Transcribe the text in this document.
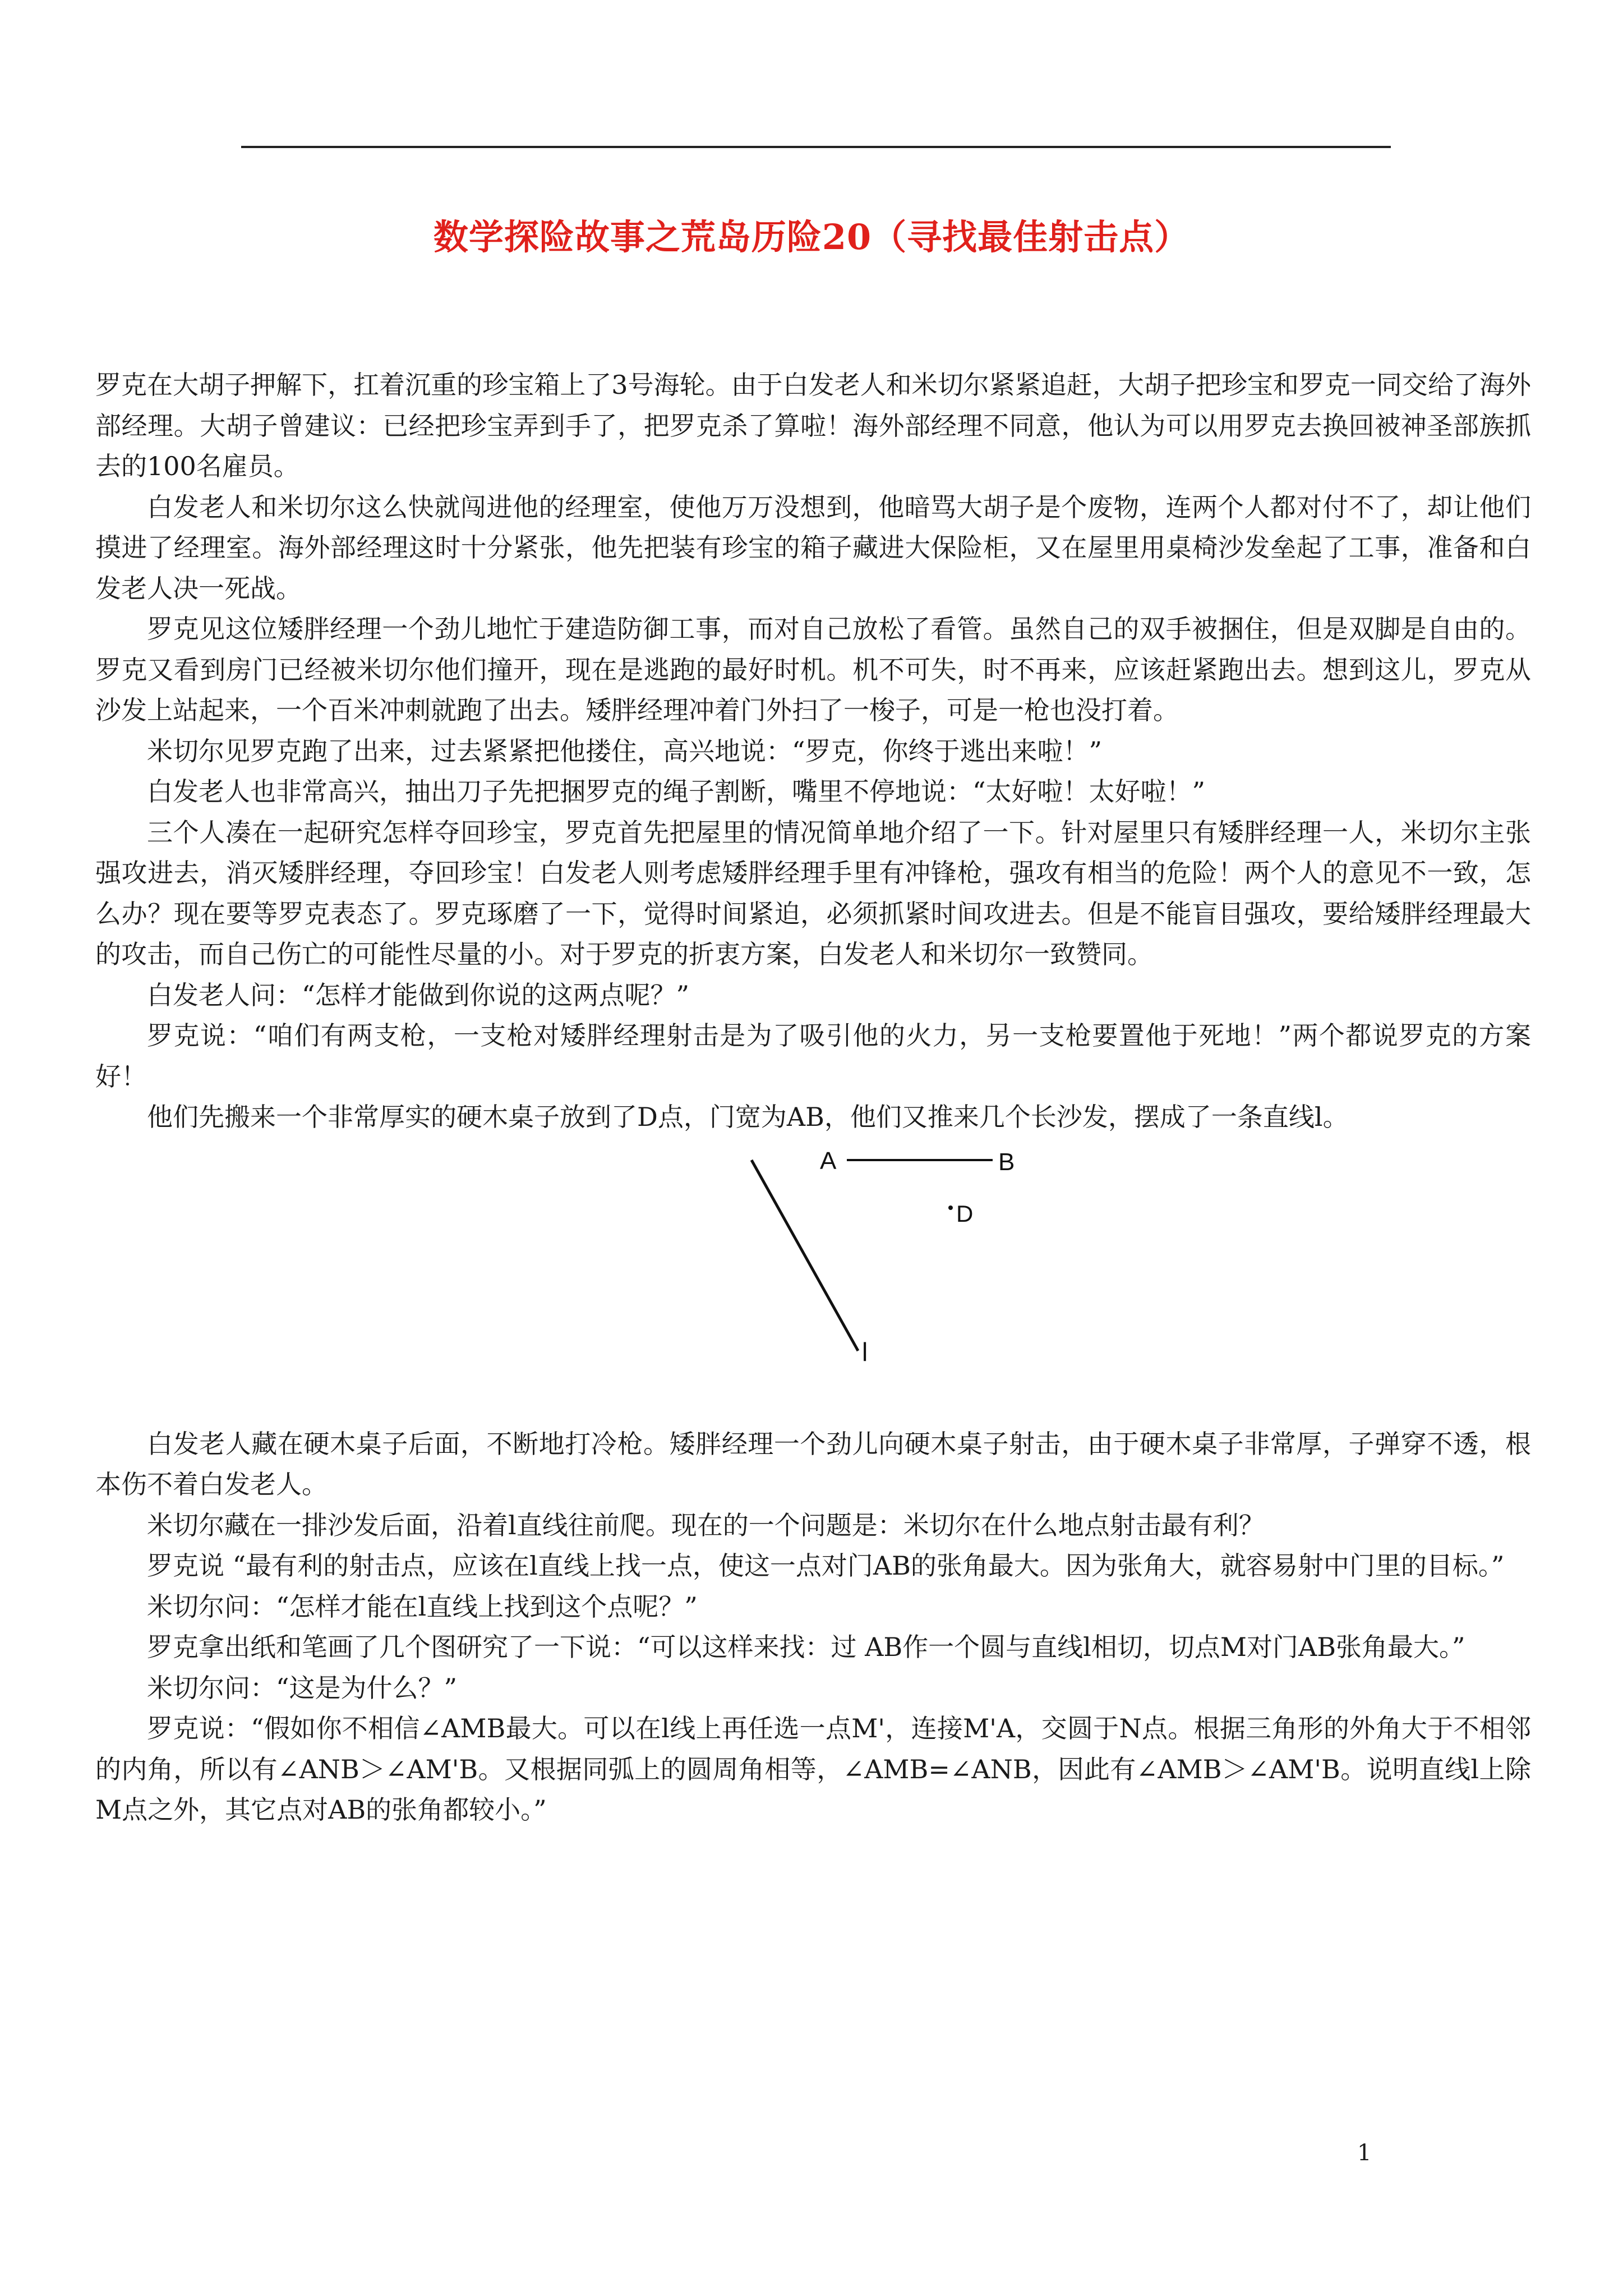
数学探险故事之荒岛历险20（寻找最佳射击点）

罗克在大胡子押解下，扛着沉重的珍宝箱上了3号海轮。由于白发老人和米切尔紧紧追赶，大胡子把珍宝和罗克一同交给了海外部经理。大胡子曾建议：已经把珍宝弄到手了，把罗克杀了算啦！海外部经理不同意，他认为可以用罗克去换回被神圣部族抓去的100名雇员。

白发老人和米切尔这么快就闯进他的经理室，使他万万没想到，他暗骂大胡子是个废物，连两个人都对付不了，却让他们摸进了经理室。海外部经理这时十分紧张，他先把装有珍宝的箱子藏进大保险柜，又在屋里用桌椅沙发垒起了工事，准备和白发老人决一死战。

罗克见这位矮胖经理一个劲儿地忙于建造防御工事，而对自己放松了看管。虽然自己的双手被捆住，但是双脚是自由的。罗克又看到房门已经被米切尔他们撞开，现在是逃跑的最好时机。机不可失，时不再来，应该赶紧跑出去。想到这儿，罗克从沙发上站起来，一个百米冲刺就跑了出去。矮胖经理冲着门外扫了一梭子，可是一枪也没打着。

米切尔见罗克跑了出来，过去紧紧把他搂住，高兴地说：“罗克，你终于逃出来啦！”

白发老人也非常高兴，抽出刀子先把捆罗克的绳子割断，嘴里不停地说：“太好啦！太好啦！”

三个人凑在一起研究怎样夺回珍宝，罗克首先把屋里的情况简单地介绍了一下。针对屋里只有矮胖经理一人，米切尔主张强攻进去，消灭矮胖经理，夺回珍宝！白发老人则考虑矮胖经理手里有冲锋枪，强攻有相当的危险！两个人的意见不一致，怎么办？现在要等罗克表态了。罗克琢磨了一下，觉得时间紧迫，必须抓紧时间攻进去。但是不能盲目强攻，要给矮胖经理最大的攻击，而自己伤亡的可能性尽量的小。对于罗克的折衷方案，白发老人和米切尔一致赞同。

白发老人问：“怎样才能做到你说的这两点呢？”

罗克说：“咱们有两支枪，一支枪对矮胖经理射击是为了吸引他的火力，另一支枪要置他于死地！”两个都说罗克的方案好！

他们先搬来一个非常厚实的硬木桌子放到了D点，门宽为AB，他们又推来几个长沙发，摆成了一条直线l。

A	B
D
l

白发老人藏在硬木桌子后面，不断地打冷枪。矮胖经理一个劲儿向硬木桌子射击，由于硬木桌子非常厚，子弹穿不透，根本伤不着白发老人。

米切尔藏在一排沙发后面，沿着l直线往前爬。现在的一个问题是：米切尔在什么地点射击最有利？

罗克说 “最有利的射击点，应该在l直线上找一点，使这一点对门AB的张角最大。因为张角大，就容易射中门里的目标。”

米切尔问：“怎样才能在l直线上找到这个点呢？”

罗克拿出纸和笔画了几个图研究了一下说：“可以这样来找：过 AB作一个圆与直线l相切，切点M对门AB张角最大。”

米切尔问：“这是为什么？”

罗克说：“假如你不相信∠AMB最大。可以在l线上再任选一点M'，连接M'A，交圆于N点。根据三角形的外角大于不相邻的内角，所以有∠ANB＞∠AM'B。又根据同弧上的圆周角相等，∠AMB=∠ANB，因此有∠AMB＞∠AM'B。说明直线l上除 M点之外，其它点对AB的张角都较小。”

1
